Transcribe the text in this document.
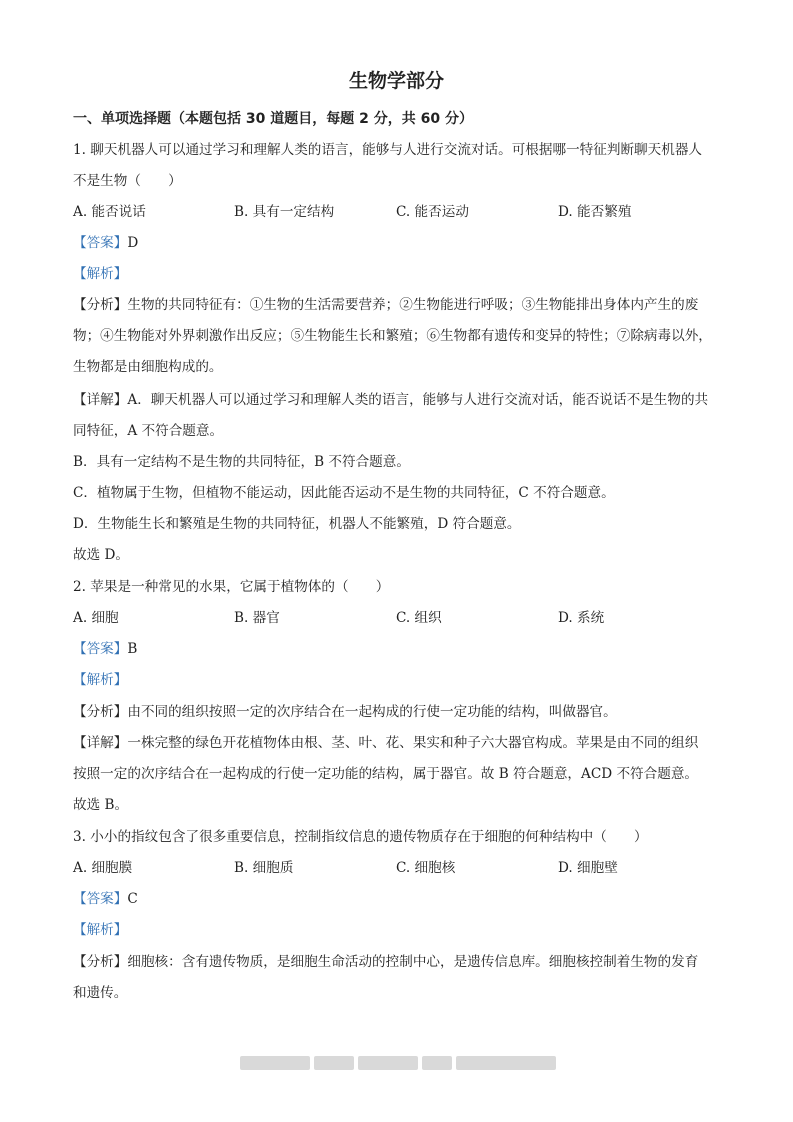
生物学部分
一、单项选择题（本题包括 30 道题目，每题 2 分，共 60 分）
1. 聊天机器人可以通过学习和理解人类的语言，能够与人进行交流对话。可根据哪一特征判断聊天机器人
不是生物（　　）
A. 能否说话	B. 具有一定结构	C. 能否运动	D. 能否繁殖
【答案】D
【解析】
【分析】生物的共同特征有：①生物的生活需要营养；②生物能进行呼吸；③生物能排出身体内产生的废
物；④生物能对外界刺激作出反应；⑤生物能生长和繁殖；⑥生物都有遗传和变异的特性；⑦除病毒以外，
生物都是由细胞构成的。
【详解】A．聊天机器人可以通过学习和理解人类的语言，能够与人进行交流对话，能否说话不是生物的共
同特征，A 不符合题意。
B．具有一定结构不是生物的共同特征，B 不符合题意。
C．植物属于生物，但植物不能运动，因此能否运动不是生物的共同特征，C 不符合题意。
D．生物能生长和繁殖是生物的共同特征，机器人不能繁殖，D 符合题意。
故选 D。
2. 苹果是一种常见的水果，它属于植物体的（　　）
A. 细胞	B. 器官	C. 组织	D. 系统
【答案】B
【解析】
【分析】由不同的组织按照一定的次序结合在一起构成的行使一定功能的结构，叫做器官。
【详解】一株完整的绿色开花植物体由根、茎、叶、花、果实和种子六大器官构成。苹果是由不同的组织
按照一定的次序结合在一起构成的行使一定功能的结构，属于器官。故 B 符合题意，ACD 不符合题意。
故选 B。
3. 小小的指纹包含了很多重要信息，控制指纹信息的遗传物质存在于细胞的何种结构中（　　）
A. 细胞膜	B. 细胞质	C. 细胞核	D. 细胞壁
【答案】C
【解析】
【分析】细胞核：含有遗传物质，是细胞生命活动的控制中心，是遗传信息库。细胞核控制着生物的发育
和遗传。
